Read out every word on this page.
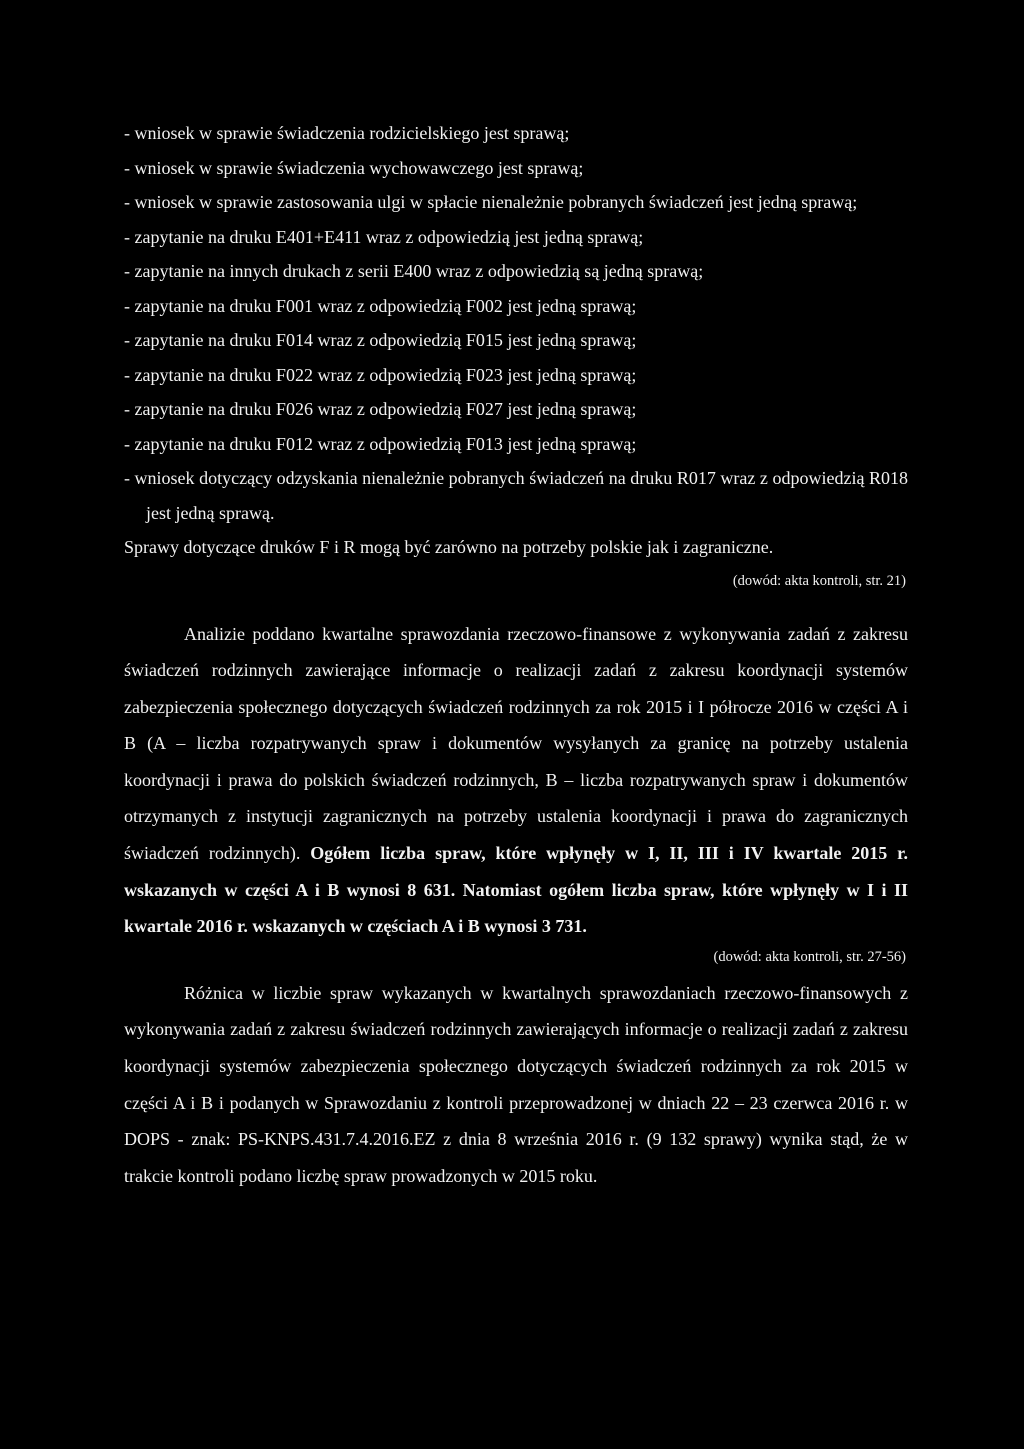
- wniosek w sprawie świadczenia rodzicielskiego jest sprawą;

- wniosek w sprawie świadczenia wychowawczego jest sprawą;

- wniosek w sprawie zastosowania ulgi w spłacie nienależnie pobranych świadczeń jest jedną sprawą;

- zapytanie na druku E401+E411 wraz z odpowiedzią jest jedną sprawą;

- zapytanie na innych drukach z serii E400 wraz z odpowiedzią są jedną sprawą;

- zapytanie na druku F001 wraz z odpowiedzią F002 jest jedną sprawą;

- zapytanie na druku F014 wraz z odpowiedzią F015 jest jedną sprawą;

- zapytanie na druku F022 wraz z odpowiedzią F023 jest jedną sprawą;

- zapytanie na druku F026 wraz z odpowiedzią F027 jest jedną sprawą;

- zapytanie na druku F012 wraz z odpowiedzią F013 jest jedną sprawą;

- wniosek dotyczący odzyskania nienależnie pobranych świadczeń na druku R017 wraz z odpowiedzią R018 jest jedną sprawą.

Sprawy dotyczące druków F i R mogą być zarówno na potrzeby polskie jak i zagraniczne.

(dowód: akta kontroli, str. 21)

Analizie poddano kwartalne sprawozdania rzeczowo-finansowe z wykonywania zadań z zakresu świadczeń rodzinnych zawierające informacje o realizacji zadań z zakresu koordynacji systemów zabezpieczenia społecznego dotyczących świadczeń rodzinnych za rok 2015 i I półrocze 2016 w części A i B (A – liczba rozpatrywanych spraw i dokumentów wysyłanych za granicę na potrzeby ustalenia koordynacji i prawa do polskich świadczeń rodzinnych, B – liczba rozpatrywanych spraw i dokumentów otrzymanych z instytucji zagranicznych na potrzeby ustalenia koordynacji i prawa do zagranicznych świadczeń rodzinnych). Ogółem liczba spraw, które wpłynęły w I, II, III i IV kwartale 2015 r. wskazanych w części A i B wynosi 8 631. Natomiast ogółem liczba spraw, które wpłynęły w I i II kwartale 2016 r. wskazanych w częściach A i B wynosi 3 731.

(dowód: akta kontroli, str. 27-56)

Różnica w liczbie spraw wykazanych w kwartalnych sprawozdaniach rzeczowo-finansowych z wykonywania zadań z zakresu świadczeń rodzinnych zawierających informacje o realizacji zadań z zakresu koordynacji systemów zabezpieczenia społecznego dotyczących świadczeń rodzinnych za rok 2015 w części A i B i podanych w Sprawozdaniu z kontroli przeprowadzonej w dniach 22 – 23 czerwca 2016 r. w DOPS - znak: PS-KNPS.431.7.4.2016.EZ z dnia 8 września 2016 r. (9 132 sprawy) wynika stąd, że w trakcie kontroli podano liczbę spraw prowadzonych w 2015 roku.
